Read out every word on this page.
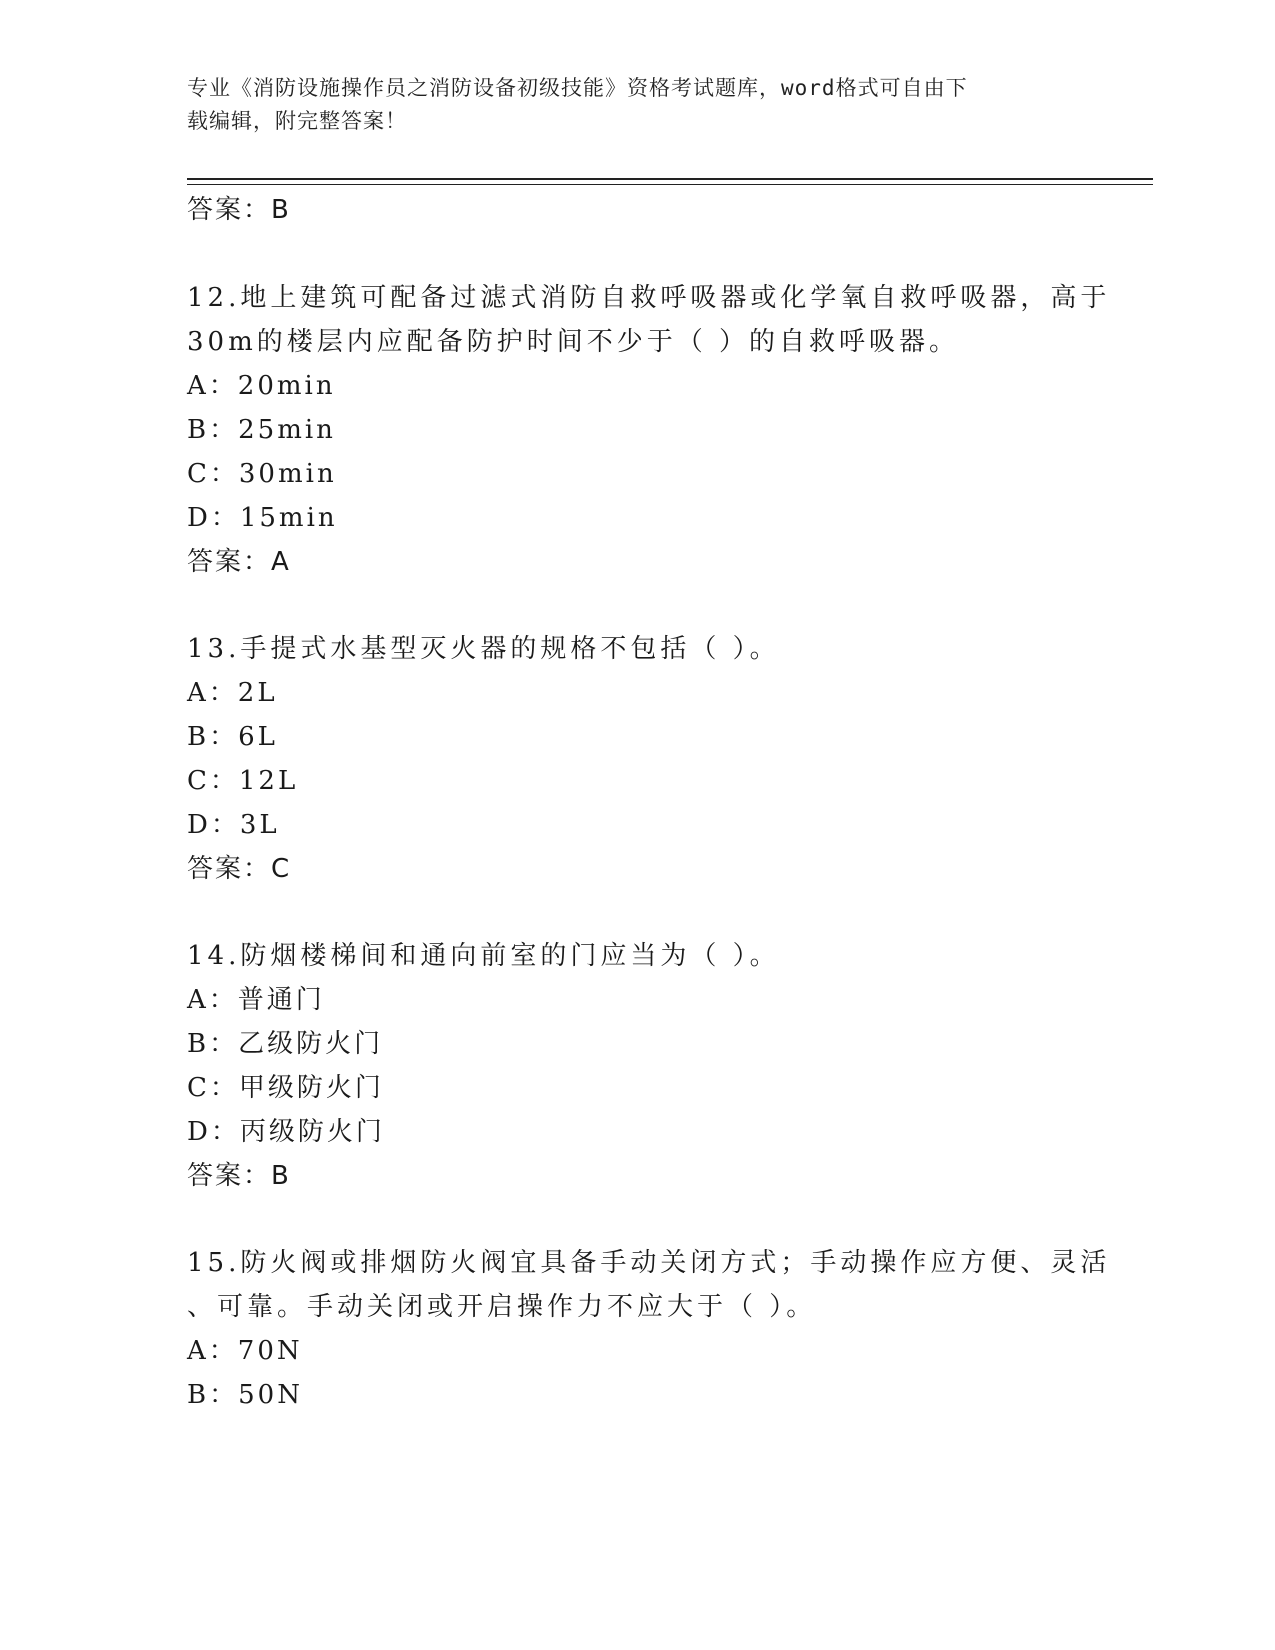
专业《消防设施操作员之消防设备初级技能》资格考试题库，word格式可自由下
载编辑，附完整答案！
答案：B
12.地上建筑可配备过滤式消防自救呼吸器或化学氧自救呼吸器，高于
30m的楼层内应配备防护时间不少于（ ）的自救呼吸器。
A：20min
B：25min
C：30min
D：15min
答案：A
13.手提式水基型灭火器的规格不包括（ ）。
A：2L
B：6L
C：12L
D：3L
答案：C
14.防烟楼梯间和通向前室的门应当为（ ）。
A：普通门
B：乙级防火门
C：甲级防火门
D：丙级防火门
答案：B
15.防火阀或排烟防火阀宜具备手动关闭方式；手动操作应方便、灵活
、可靠。手动关闭或开启操作力不应大于（ ）。
A：70N
B：50N
